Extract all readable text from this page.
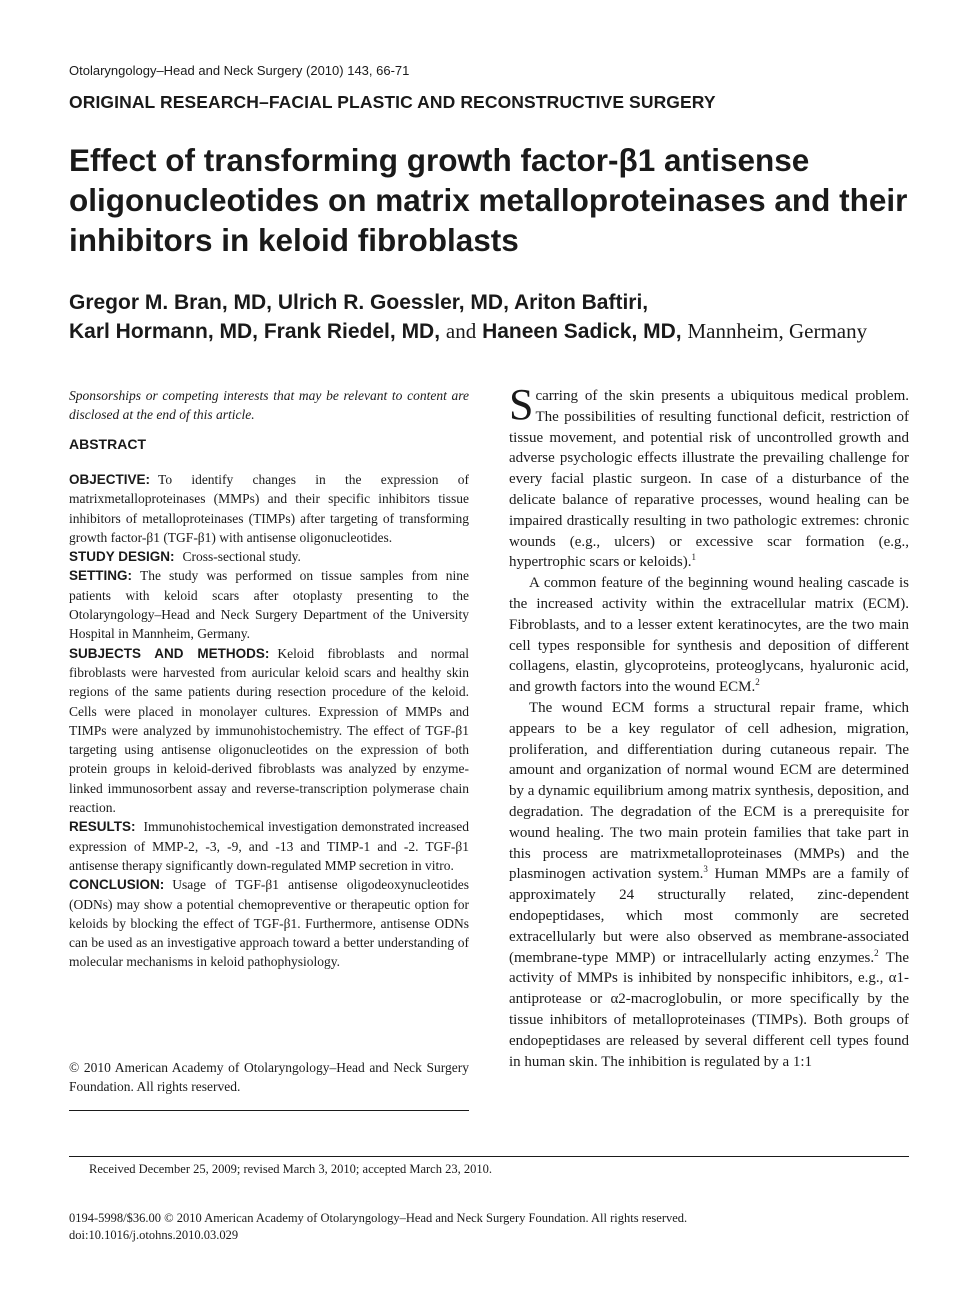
Otolaryngology–Head and Neck Surgery (2010) 143, 66-71
ORIGINAL RESEARCH–FACIAL PLASTIC AND RECONSTRUCTIVE SURGERY
Effect of transforming growth factor-β1 antisense oligonucleotides on matrix metalloproteinases and their inhibitors in keloid fibroblasts
Gregor M. Bran, MD, Ulrich R. Goessler, MD, Ariton Baftiri,
Karl Hormann, MD, Frank Riedel, MD, and Haneen Sadick, MD, Mannheim, Germany
Sponsorships or competing interests that may be relevant to content are disclosed at the end of this article.
ABSTRACT

OBJECTIVE: To identify changes in the expression of matrixmetalloproteinases (MMPs) and their specific inhibitors tissue inhibitors of metalloproteinases (TIMPs) after targeting of transforming growth factor-β1 (TGF-β1) with antisense oligonucleotides.

STUDY DESIGN: Cross-sectional study.

SETTING: The study was performed on tissue samples from nine patients with keloid scars after otoplasty presenting to the Otolaryngology–Head and Neck Surgery Department of the University Hospital in Mannheim, Germany.

SUBJECTS AND METHODS: Keloid fibroblasts and normal fibroblasts were harvested from auricular keloid scars and healthy skin regions of the same patients during resection procedure of the keloid. Cells were placed in monolayer cultures. Expression of MMPs and TIMPs were analyzed by immunohistochemistry. The effect of TGF-β1 targeting using antisense oligonucleotides on the expression of both protein groups in keloid-derived fibroblasts was analyzed by enzyme-linked immunosorbent assay and reverse-transcription polymerase chain reaction.

RESULTS: Immunohistochemical investigation demonstrated increased expression of MMP-2, -3, -9, and -13 and TIMP-1 and -2. TGF-β1 antisense therapy significantly down-regulated MMP secretion in vitro.

CONCLUSION: Usage of TGF-β1 antisense oligodeoxynucleotides (ODNs) may show a potential chemopreventive or therapeutic option for keloids by blocking the effect of TGF-β1. Furthermore, antisense ODNs can be used as an investigative approach toward a better understanding of molecular mechanisms in keloid pathophysiology.

© 2010 American Academy of Otolaryngology–Head and Neck Surgery Foundation. All rights reserved.

Scarring of the skin presents a ubiquitous medical problem. The possibilities of resulting functional deficit, restriction of tissue movement, and potential risk of uncontrolled growth and adverse psychologic effects illustrate the prevailing challenge for every facial plastic surgeon. In case of a disturbance of the delicate balance of reparative processes, wound healing can be impaired drastically resulting in two pathologic extremes: chronic wounds (e.g., ulcers) or excessive scar formation (e.g., hypertrophic scars or keloids).$^1$

A common feature of the beginning wound healing cascade is the increased activity within the extracellular matrix (ECM). Fibroblasts, and to a lesser extent keratinocytes, are the two main cell types responsible for synthesis and deposition of different collagens, elastin, glycoproteins, proteoglycans, hyaluronic acid, and growth factors into the wound ECM.$^2$

The wound ECM forms a structural repair frame, which appears to be a key regulator of cell adhesion, migration, proliferation, and differentiation during cutaneous repair. The amount and organization of normal wound ECM are determined by a dynamic equilibrium among matrix synthesis, deposition, and degradation. The degradation of the ECM is a prerequisite for wound healing. The two main protein families that take part in this process are matrixmetalloproteinases (MMPs) and the plasminogen activation system.$^3$ Human MMPs are a family of approximately 24 structurally related, zinc-dependent endopeptidases, which most commonly are secreted extracellularly but were also observed as membrane-associated (membrane-type MMP) or intracellularly acting enzymes.$^2$ The activity of MMPs is inhibited by nonspecific inhibitors, e.g., α1-antiprotease or α2-macroglobulin, or more specifically by the tissue inhibitors of metalloproteinases (TIMPs). Both groups of endopeptidases are released by several different cell types found in human skin. The inhibition is regulated by a 1:1

Received December 25, 2009; revised March 3, 2010; accepted March 23, 2010.
0194-5998/$36.00 © 2010 American Academy of Otolaryngology–Head and Neck Surgery Foundation. All rights reserved.
doi:10.1016/j.otohns.2010.03.029
